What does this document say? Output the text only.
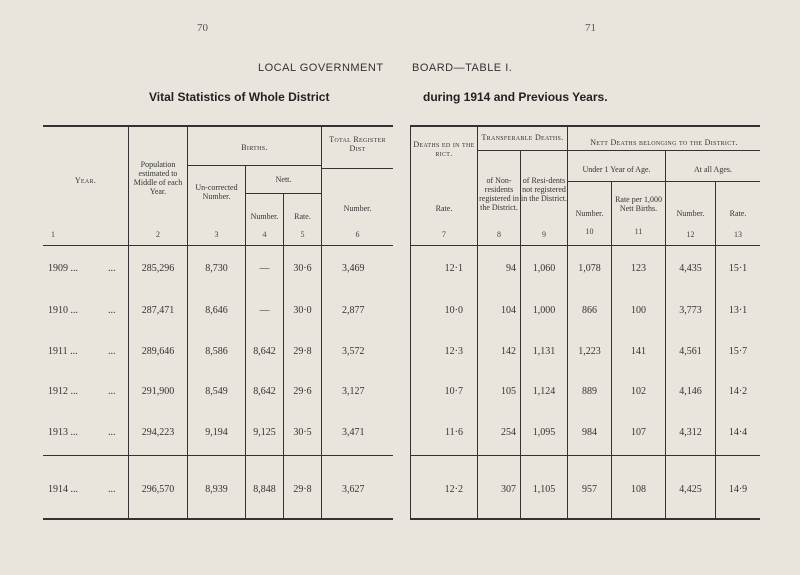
70	71
LOCAL GOVERNMENT	BOARD—TABLE I.
Vital Statistics of Whole District	during 1914 and Previous Years.
Year.
Population estimated to Middle of each Year.
Births.
Un-corrected Number.
Nett.
Number.	Rate.
Total Register Dist
Number.
Deaths ed in the rict.
Rate.
Transferable Deaths.
of Non-residents registered in the District.
of Resi-dents not registered in the District.
Nett Deaths belonging to the District.
Under 1 Year of Age.	At all Ages.
Number.
Rate per 1,000 Nett Births.
Number.	Rate.
1	2	3	4	5	6	7	8	9	10	11	12	13
1909 ...	...	285,296	8,730	—	30·6	3,469	12·1	94	1,060	1,078	123	4,435	15·1
1910 ...	...	287,471	8,646	—	30·0	2,877	10·0	104	1,000	866	100	3,773	13·1
1911 ...	...	289,646	8,586	8,642	29·8	3,572	12·3	142	1,131	1,223	141	4,561	15·7
1912 ...	...	291,900	8,549	8,642	29·6	3,127	10·7	105	1,124	889	102	4,146	14·2
1913 ...	...	294,223	9,194	9,125	30·5	3,471	11·6	254	1,095	984	107	4,312	14·4
1914 ...	...	296,570	8,939	8,848	29·8	3,627	12·2	307	1,105	957	108	4,425	14·9
